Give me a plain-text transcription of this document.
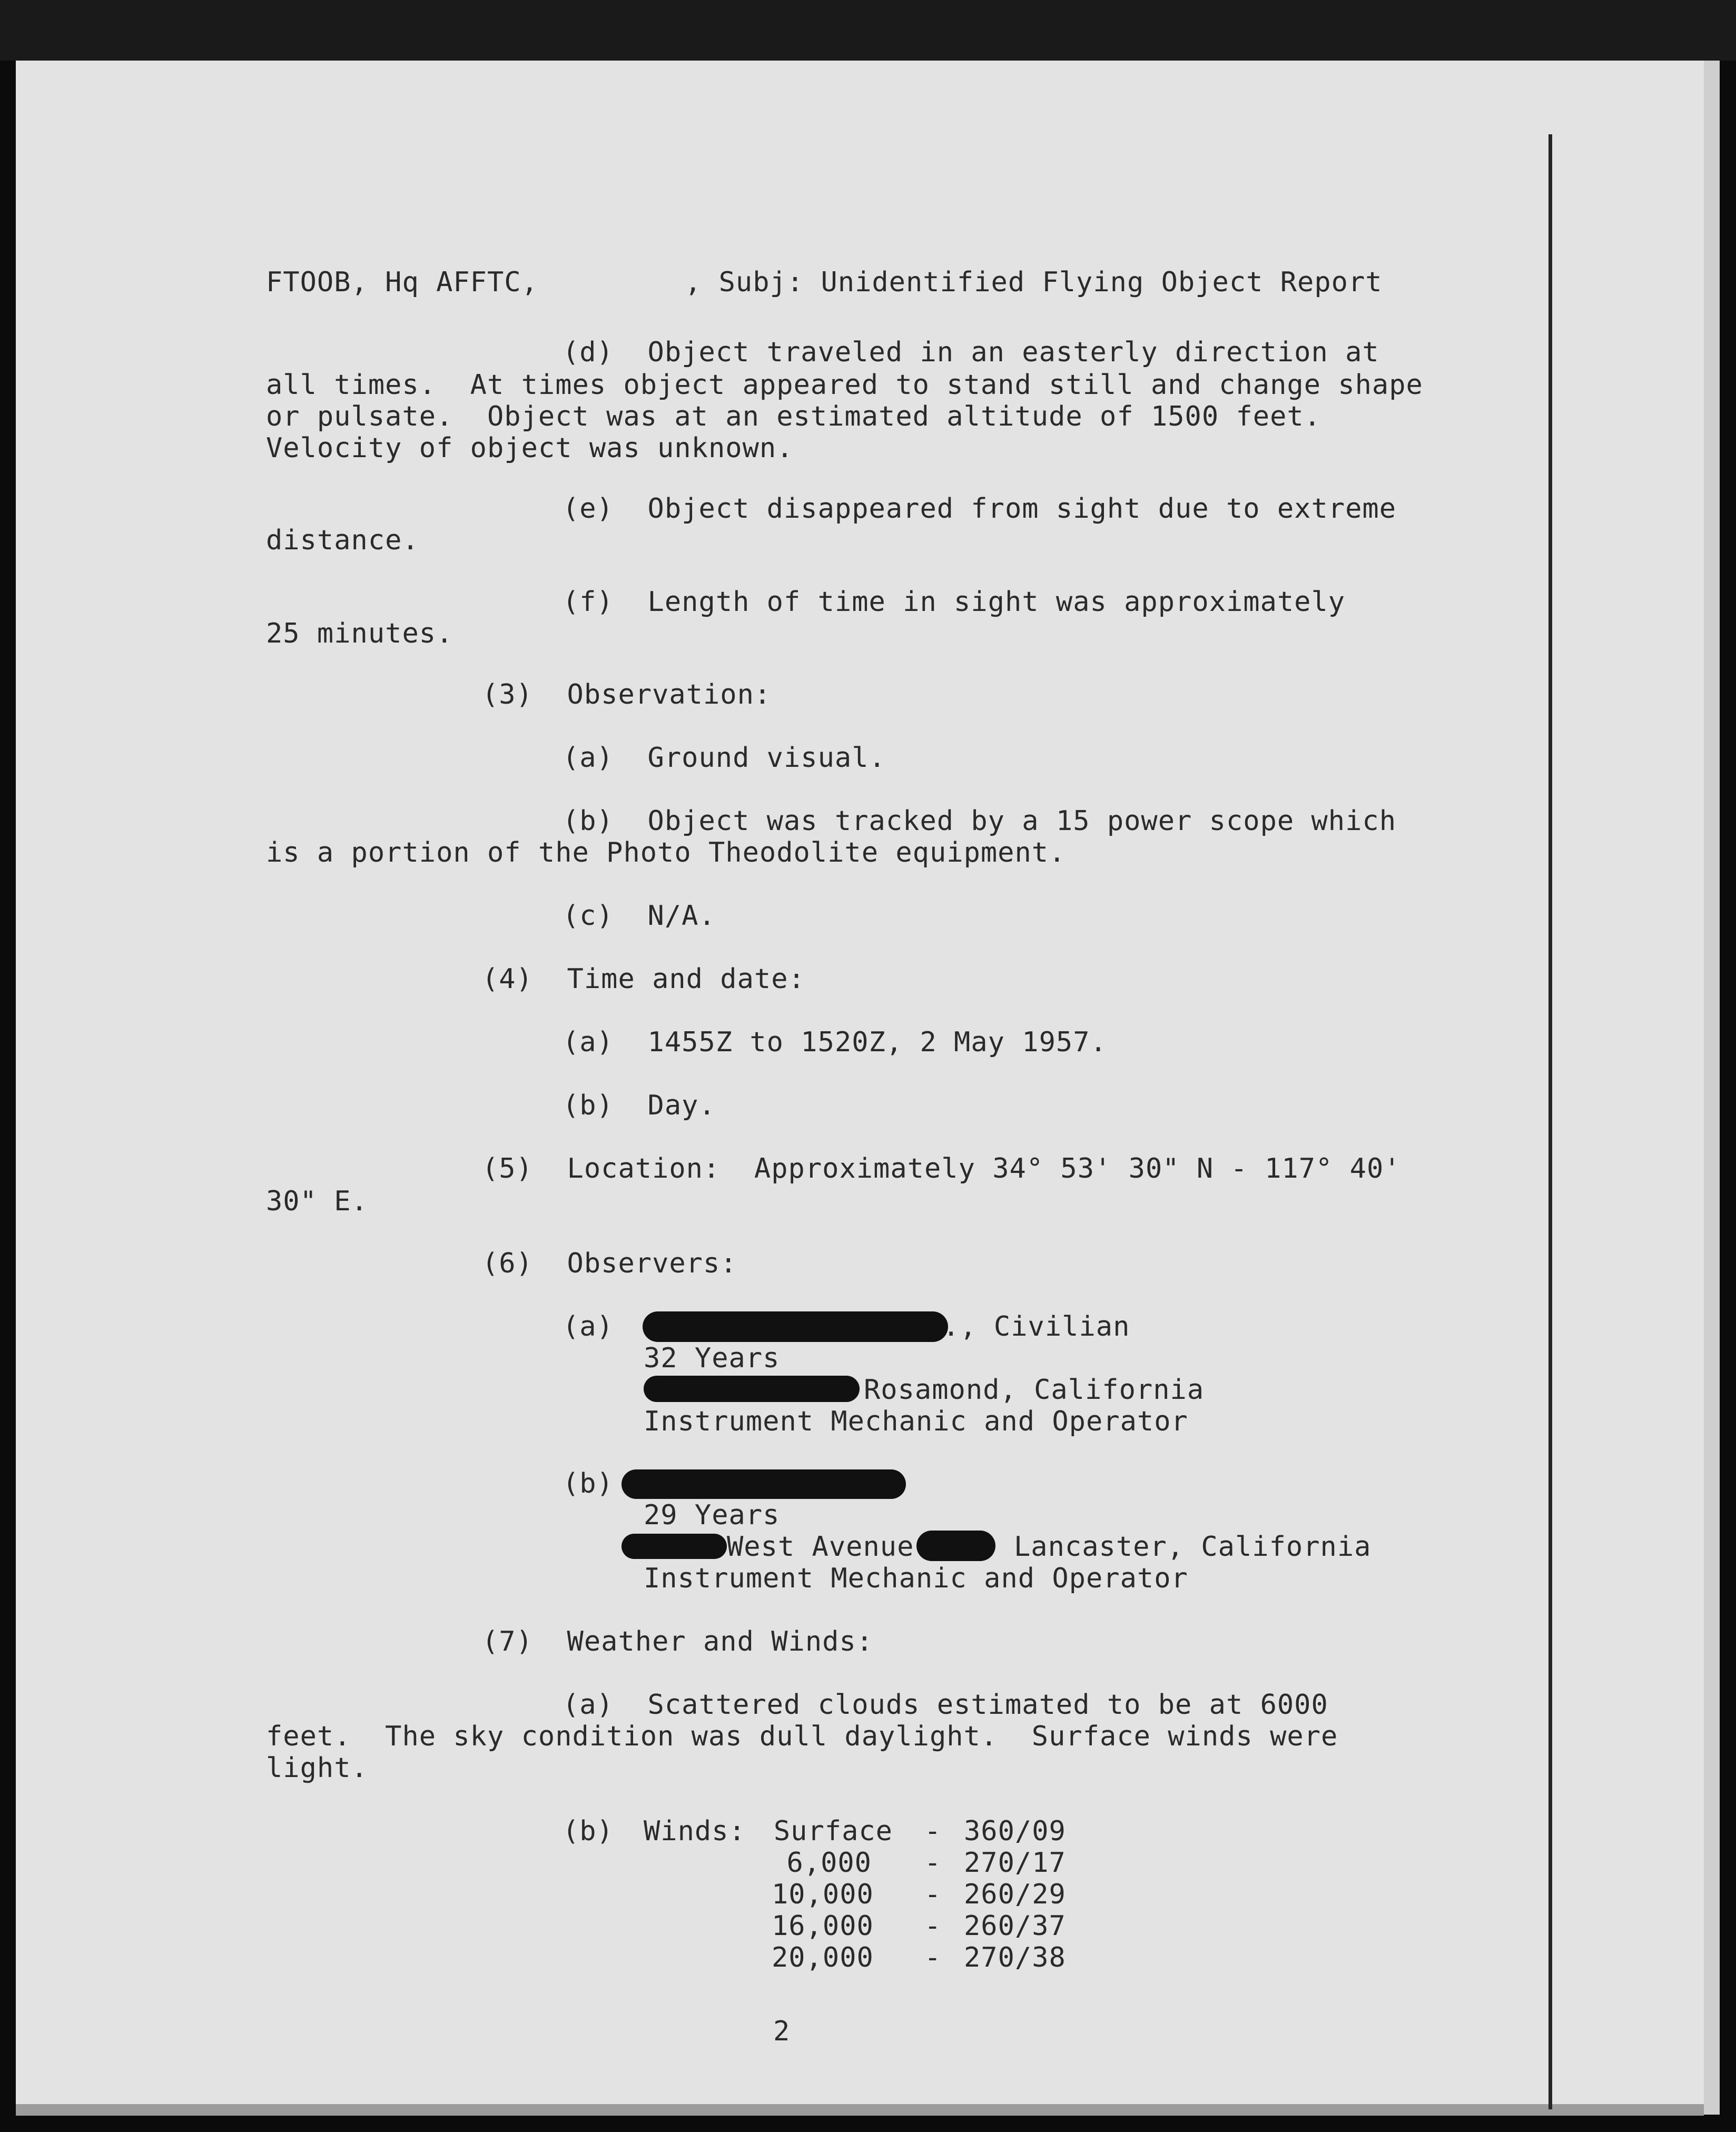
FTOOB, Hq AFFTC,	, Subj: Unidentified Flying Object Report
(d)  Object traveled in an easterly direction at
all times.  At times object appeared to stand still and change shape
or pulsate.  Object was at an estimated altitude of 1500 feet.
Velocity of object was unknown.
(e)  Object disappeared from sight due to extreme
distance.
(f)  Length of time in sight was approximately
25 minutes.
(3)  Observation:
(a)  Ground visual.
(b)  Object was tracked by a 15 power scope which
is a portion of the Photo Theodolite equipment.
(c)  N/A.
(4)  Time and date:
(a)  1455Z to 1520Z, 2 May 1957.
(b)  Day.
(5)  Location:  Approximately 34° 53' 30" N - 117° 40'
30" E.
(6)  Observers:
(a)	., Civilian
32 Years
Rosamond, California
Instrument Mechanic and Operator
(b)
29 Years
West Avenue	Lancaster, California
Instrument Mechanic and Operator
(7)  Weather and Winds:
(a)  Scattered clouds estimated to be at 6000
feet.  The sky condition was dull daylight.  Surface winds were
light.
(b) Winds: Surface - 360/09
6,000 - 270/17
10,000 - 260/29
16,000 - 260/37
20,000 - 270/38
2
